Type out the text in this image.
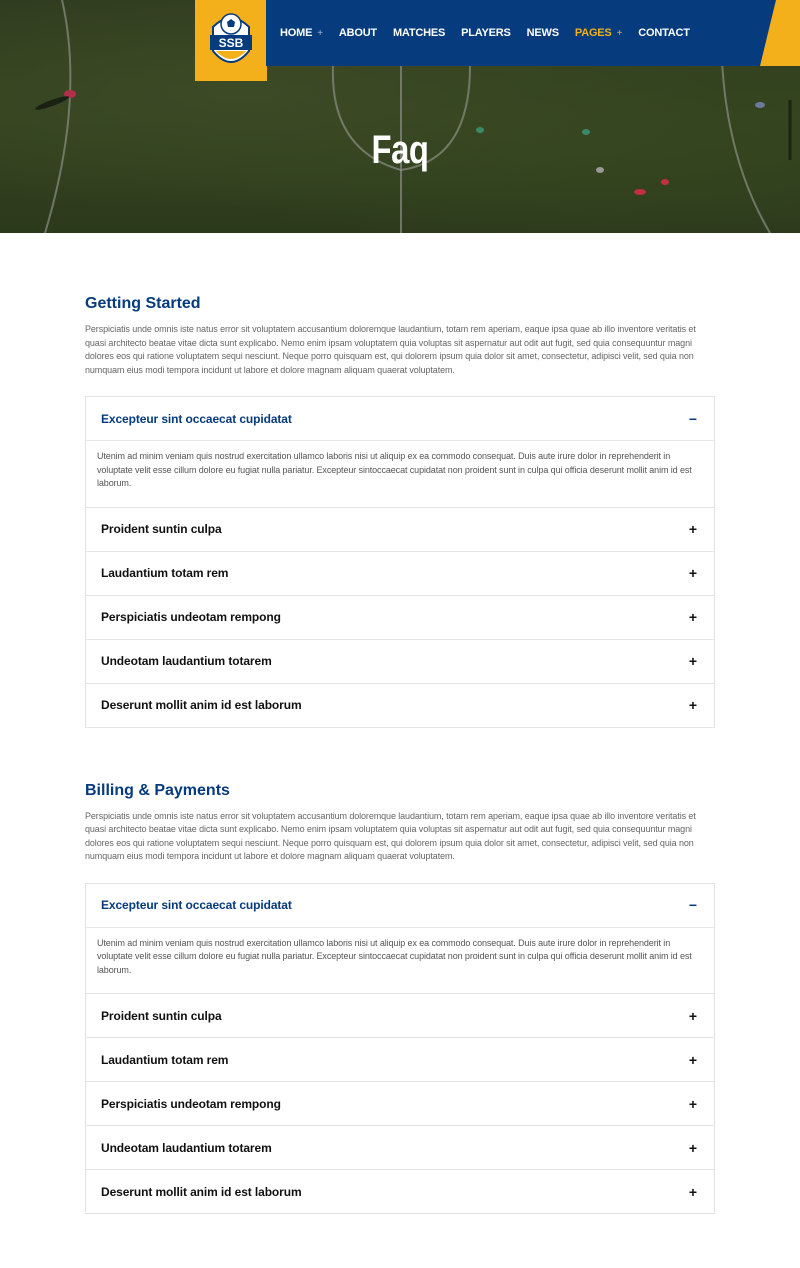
SSB
HOME + ABOUT MATCHES PLAYERS NEWS PAGES + CONTACT
Faq
Getting Started

Perspiciatis unde omnis iste natus error sit voluptatem accusantium doloremque laudantium, totam rem aperiam, eaque ipsa quae ab illo inventore veritatis et quasi architecto beatae vitae dicta sunt explicabo. Nemo enim ipsam voluptatem quia voluptas sit aspernatur aut odit aut fugit, sed quia consequuntur magni dolores eos qui ratione voluptatem sequi nesciunt. Neque porro quisquam est, qui dolorem ipsum quia dolor sit amet, consectetur, adipisci velit, sed quia non numquam eius modi tempora incidunt ut labore et dolore magnam aliquam quaerat voluptatem.

Excepteur sint occaecat cupidatat	−
Utenim ad minim veniam quis nostrud exercitation ullamco laboris nisi ut aliquip ex ea commodo consequat. Duis aute irure dolor in reprehenderit in voluptate velit esse cillum dolore eu fugiat nulla pariatur. Excepteur sintoccaecat cupidatat non proident sunt in culpa qui officia deserunt mollit anim id est laborum.
Proident suntin culpa	+
Laudantium totam rem	+
Perspiciatis undeotam rempong	+
Undeotam laudantium totarem	+
Deserunt mollit anim id est laborum	+
Billing & Payments

Perspiciatis unde omnis iste natus error sit voluptatem accusantium doloremque laudantium, totam rem aperiam, eaque ipsa quae ab illo inventore veritatis et quasi architecto beatae vitae dicta sunt explicabo. Nemo enim ipsam voluptatem quia voluptas sit aspernatur aut odit aut fugit, sed quia consequuntur magni dolores eos qui ratione voluptatem sequi nesciunt. Neque porro quisquam est, qui dolorem ipsum quia dolor sit amet, consectetur, adipisci velit, sed quia non numquam eius modi tempora incidunt ut labore et dolore magnam aliquam quaerat voluptatem.

Excepteur sint occaecat cupidatat	−
Utenim ad minim veniam quis nostrud exercitation ullamco laboris nisi ut aliquip ex ea commodo consequat. Duis aute irure dolor in reprehenderit in voluptate velit esse cillum dolore eu fugiat nulla pariatur. Excepteur sintoccaecat cupidatat non proident sunt in culpa qui officia deserunt mollit anim id est laborum.
Proident suntin culpa	+
Laudantium totam rem	+
Perspiciatis undeotam rempong	+
Undeotam laudantium totarem	+
Deserunt mollit anim id est laborum	+
